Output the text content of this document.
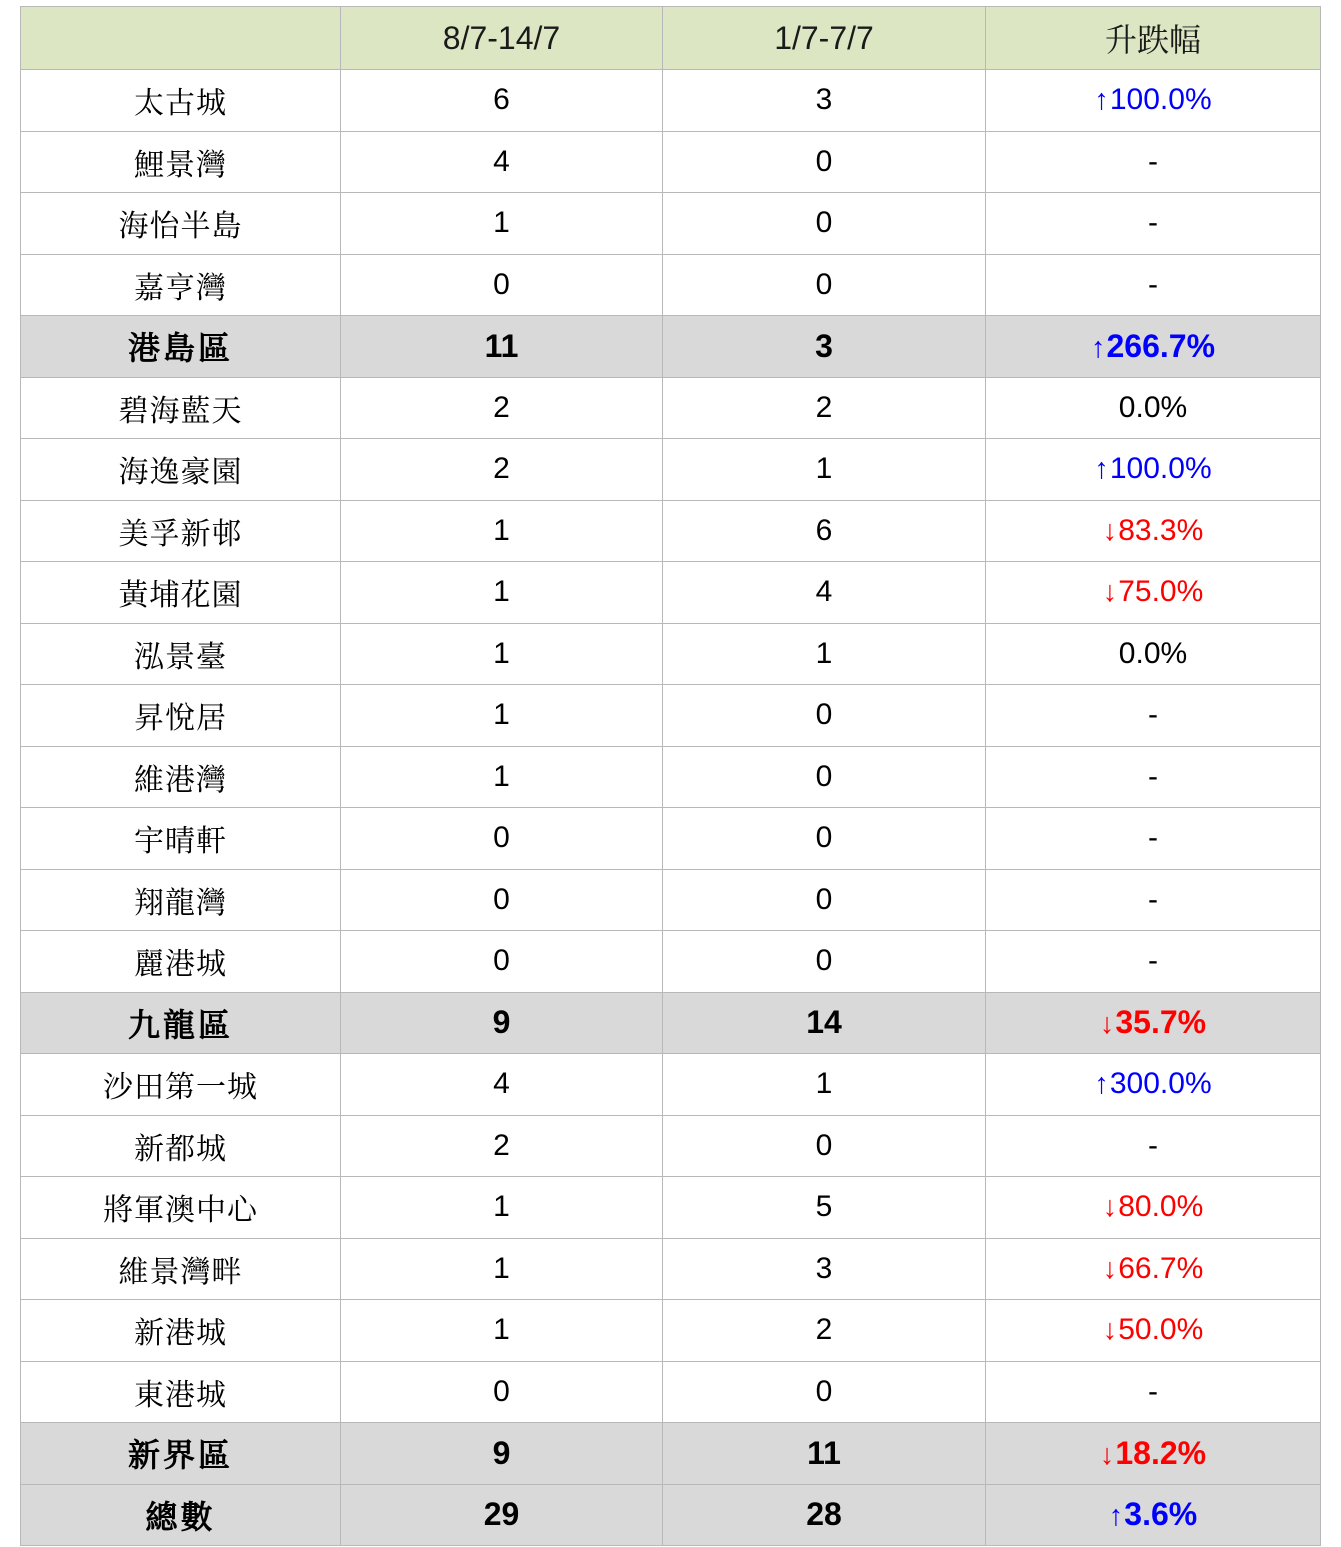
	8/7-14/7	1/7-7/7	升跌幅
太古城	6	3	↑100.0%
鯉景灣	4	0	-
海怡半島	1	0	-
嘉亨灣	0	0	-
港島區	11	3	↑266.7%
碧海藍天	2	2	0.0%
海逸豪園	2	1	↑100.0%
美孚新邨	1	6	↓83.3%
黃埔花園	1	4	↓75.0%
泓景臺	1	1	0.0%
昇悅居	1	0	-
維港灣	1	0	-
宇晴軒	0	0	-
翔龍灣	0	0	-
麗港城	0	0	-
九龍區	9	14	↓35.7%
沙田第一城	4	1	↑300.0%
新都城	2	0	-
將軍澳中心	1	5	↓80.0%
維景灣畔	1	3	↓66.7%
新港城	1	2	↓50.0%
東港城	0	0	-
新界區	9	11	↓18.2%
總數	29	28	↑3.6%
